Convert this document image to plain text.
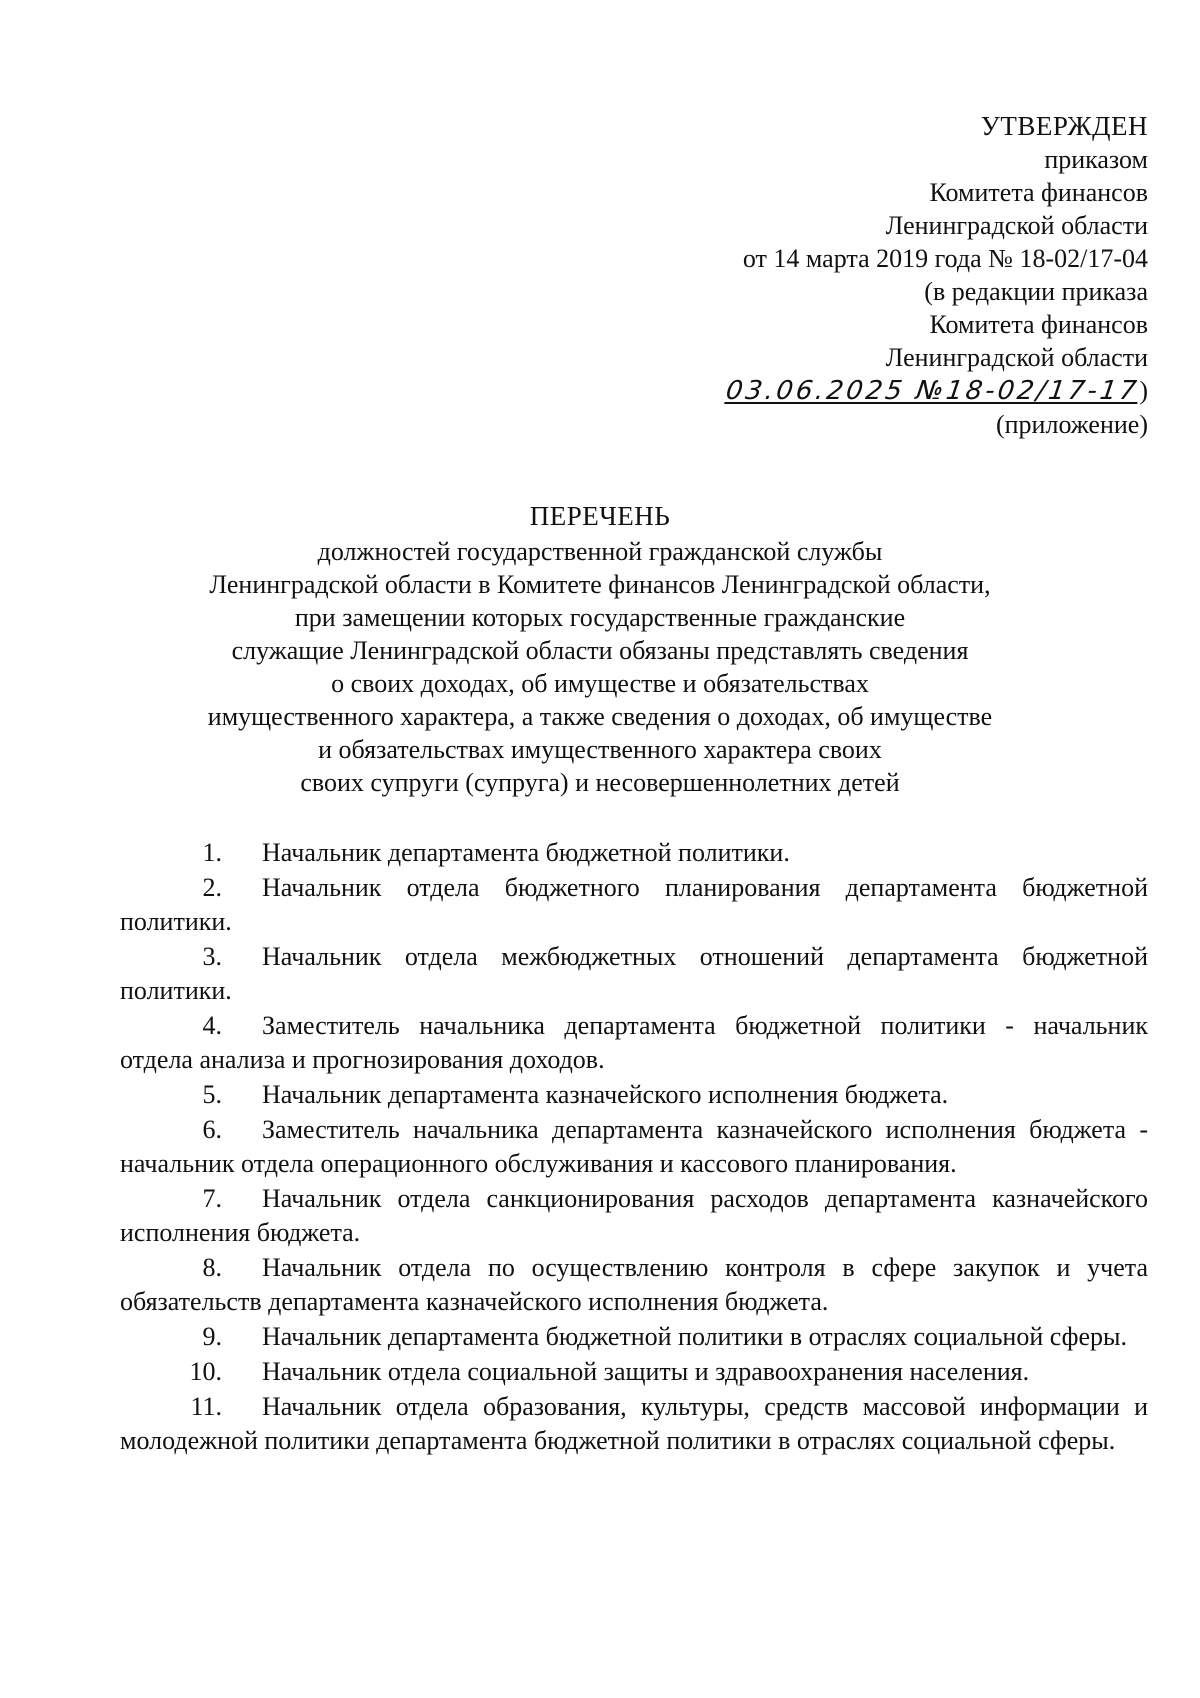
УТВЕРЖДЕН
приказом
Комитета финансов
Ленинградской области
от 14 марта 2019 года № 18-02/17-04
(в редакции приказа
Комитета финансов
Ленинградской области
03.06.2025 №18-02/17-17)
(приложение)
ПЕРЕЧЕНЬ
должностей государственной гражданской службы
Ленинградской области в Комитете финансов Ленинградской области,
при замещении которых государственные гражданские
служащие Ленинградской области обязаны представлять сведения
о своих доходах, об имуществе и обязательствах
имущественного характера, а также сведения о доходах, об имуществе
и обязательствах имущественного характера своих
своих супруги (супруга) и несовершеннолетних детей
1. Начальник департамента бюджетной политики.
2. Начальник отдела бюджетного планирования департамента бюджетной политики.
3. Начальник отдела межбюджетных отношений департамента бюджетной политики.
4. Заместитель начальника департамента бюджетной политики - начальник отдела анализа и прогнозирования доходов.
5. Начальник департамента казначейского исполнения бюджета.
6. Заместитель начальника департамента казначейского исполнения бюджета - начальник отдела операционного обслуживания и кассового планирования.
7. Начальник отдела санкционирования расходов департамента казначейского исполнения бюджета.
8. Начальник отдела по осуществлению контроля в сфере закупок и учета обязательств департамента казначейского исполнения бюджета.
9. Начальник департамента бюджетной политики в отраслях социальной сферы.
10. Начальник отдела социальной защиты и здравоохранения населения.
11. Начальник отдела образования, культуры, средств массовой информации и молодежной политики департамента бюджетной политики в отраслях социальной сферы.
